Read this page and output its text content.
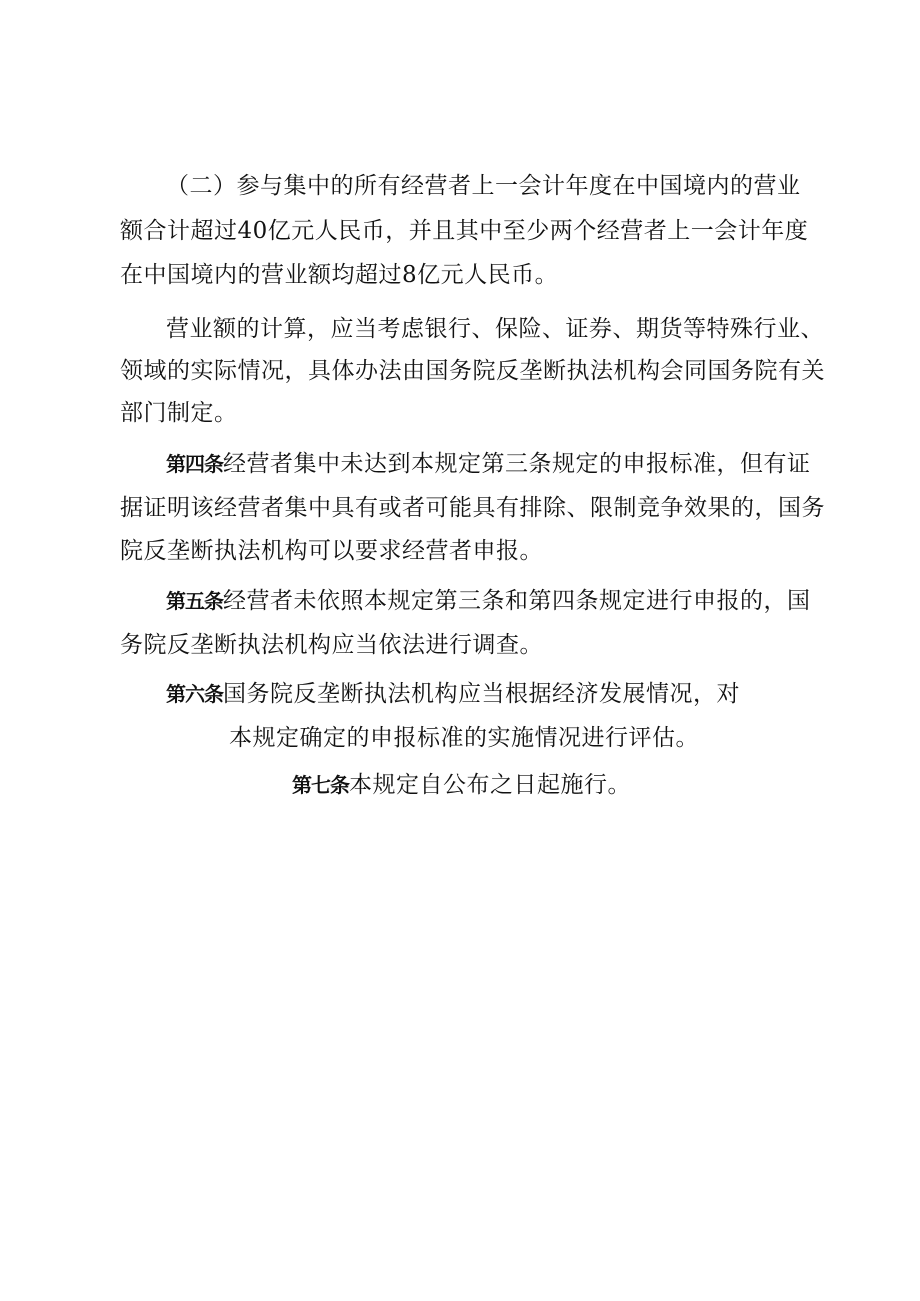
（二）参与集中的所有经营者上一会计年度在中国境内的营业
额合计超过40亿元人民币，并且其中至少两个经营者上一会计年度
在中国境内的营业额均超过8亿元人民币。
营业额的计算，应当考虑银行、保险、证券、期货等特殊行业、
领域的实际情况，具体办法由国务院反垄断执法机构会同国务院有关
部门制定。
第四条经营者集中未达到本规定第三条规定的申报标准，但有证
据证明该经营者集中具有或者可能具有排除、限制竞争效果的，国务
院反垄断执法机构可以要求经营者申报。
第五条经营者未依照本规定第三条和第四条规定进行申报的，国
务院反垄断执法机构应当依法进行调查。
第六条国务院反垄断执法机构应当根据经济发展情况，对
本规定确定的申报标准的实施情况进行评估。
第七条本规定自公布之日起施行。
